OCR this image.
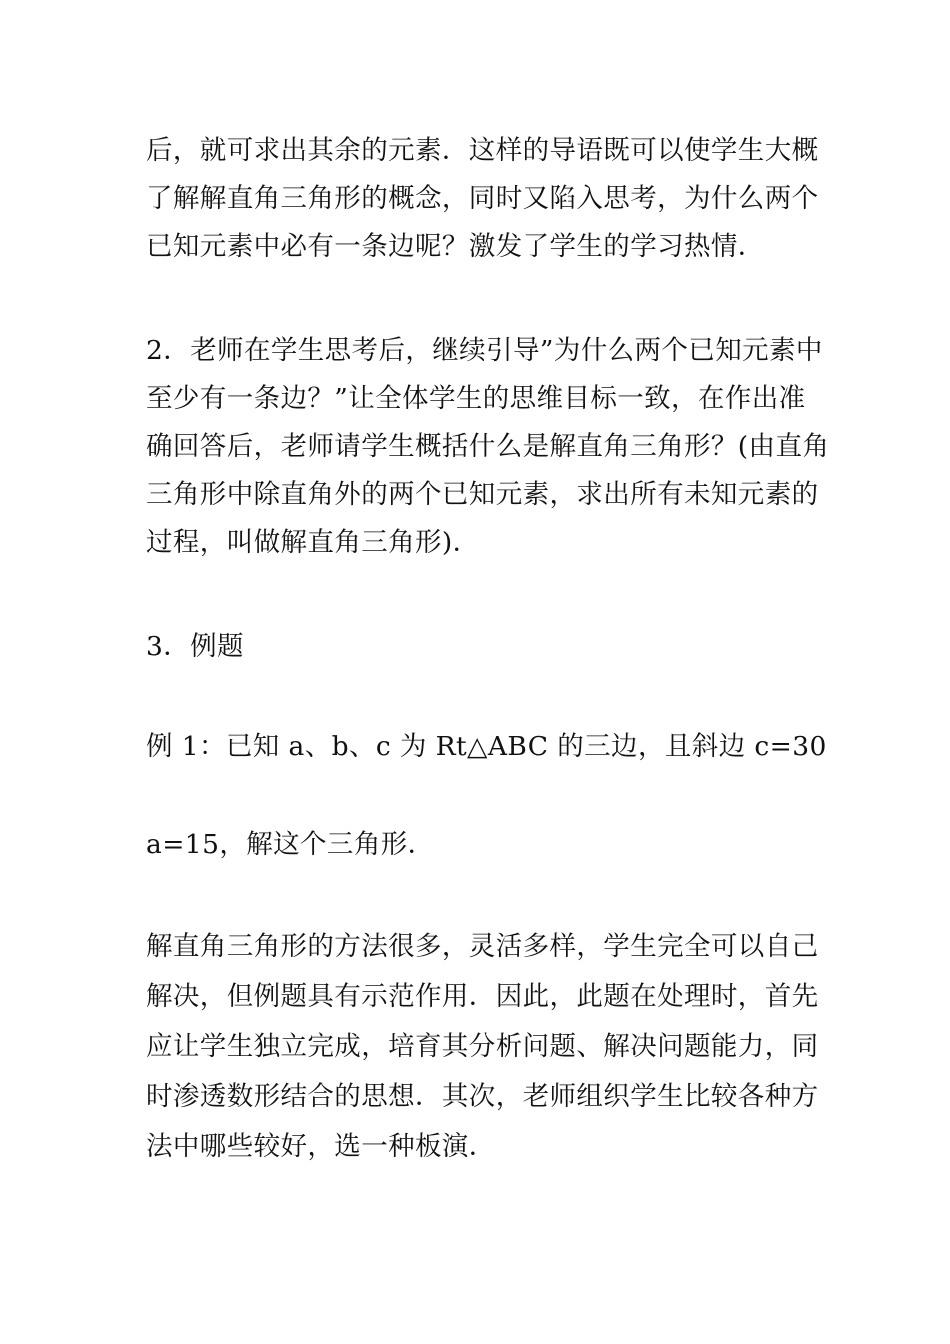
后，就可求出其余的元素．这样的导语既可以使学生大概
了解解直角三角形的概念，同时又陷入思考，为什么两个
已知元素中必有一条边呢？激发了学生的学习热情．
2．老师在学生思考后，继续引导”为什么两个已知元素中
至少有一条边？”让全体学生的思维目标一致，在作出准
确回答后，老师请学生概括什么是解直角三角形？(由直角
三角形中除直角外的两个已知元素，求出所有未知元素的
过程，叫做解直角三角形)．
3．例题
例 1：已知 a、b、c 为 Rt△ABC 的三边，且斜边 c=30
a=15，解这个三角形．
解直角三角形的方法很多，灵活多样，学生完全可以自己
解决，但例题具有示范作用．因此，此题在处理时，首先
应让学生独立完成，培育其分析问题、解决问题能力，同
时渗透数形结合的思想．其次，老师组织学生比较各种方
法中哪些较好，选一种板演．
